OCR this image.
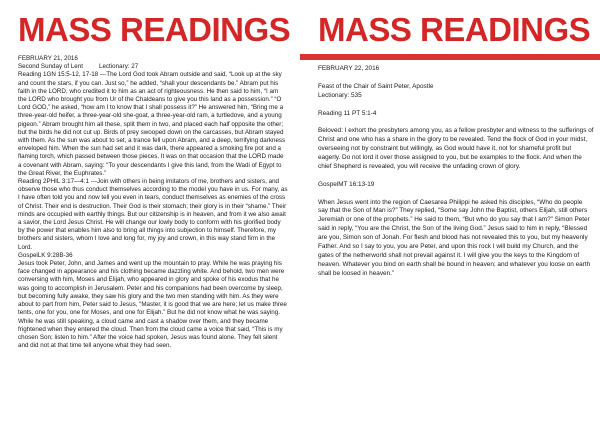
MASS READINGS

FEBRUARY 21, 2016

Second Sunday of Lent	Lectionary: 27

Reading 1GN 15:5-12, 17-18 ---The Lord God took Abram outside and said, “Look up at the sky and count the stars, if you can. Just so,” he added, “shall your descendants be.” Abram put his faith in the LORD, who credited it to him as an act of righteousness. He then said to him, “I am the LORD who brought you from Ur of the Chaldeans to give you this land as a possession.” “O Lord GOD,” he asked, “how am I to know that I shall possess it?” He answered him, “Bring me a three-year-old heifer, a three-year-old she-goat, a three-year-old ram, a turtledove, and a young pigeon.” Abram brought him all these, split them in two, and placed each half opposite the other; but the birds he did not cut up. Birds of prey swooped down on the carcasses, but Abram stayed with them. As the sun was about to set, a trance fell upon Abram, and a deep, terrifying darkness enveloped him. When the sun had set and it was dark, there appeared a smoking fire pot and a flaming torch, which passed between those pieces. It was on that occasion that the LORD made a covenant with Abram, saying: “To your descendants I give this land, from the Wadi of Egypt to the Great River, the Euphrates.”

Reading 2PHIL 3:17—4:1 ---Join with others in being imitators of me, brothers and sisters, and observe those who thus conduct themselves according to the model you have in us. For many, as I have often told you and now tell you even in tears, conduct themselves as enemies of the cross of Christ. Their end is destruction. Their God is their stomach; their glory is in their “shame.” Their minds are occupied with earthly things. But our citizenship is in heaven, and from it we also await a savior, the Lord Jesus Christ. He will change our lowly body to conform with his glorified body by the power that enables him also to bring all things into subjection to himself. Therefore, my brothers and sisters, whom I love and long for, my joy and crown, in this way stand firm in the Lord.

GospelLK 9:28B-36

Jesus took Peter, John, and James and went up the mountain to pray. While he was praying his face changed in appearance and his clothing became dazzling white. And behold, two men were conversing with him, Moses and Elijah, who appeared in glory and spoke of his exodus that he was going to accomplish in Jerusalem. Peter and his companions had been overcome by sleep, but becoming fully awake, they saw his glory and the two men standing with him. As they were about to part from him, Peter said to Jesus, “Master, it is good that we are here; let us make three tents, one for you, one for Moses, and one for Elijah.” But he did not know what he was saying. While he was still speaking, a cloud came and cast a shadow over them, and they became frightened when they entered the cloud. Then from the cloud came a voice that said, “This is my chosen Son; listen to him.” After the voice had spoken, Jesus was found alone. They fell silent and did not at that time tell anyone what they had seen.

MASS READINGS

FEBRUARY 22, 2016

Feast of the Chair of Saint Peter, Apostle

Lectionary: 535

Reading 11 PT 5:1-4

Beloved: I exhort the presbyters among you, as a fellow presbyter and witness to the sufferings of Christ and one who has a share in the glory to be revealed. Tend the flock of God in your midst, overseeing not by constraint but willingly, as God would have it, not for shameful profit but eagerly. Do not lord it over those assigned to you, but be examples to the flock. And when the chief Shepherd is revealed, you will receive the unfading crown of glory.

GospelMT 16:13-19

When Jesus went into the region of Caesarea Philippi he asked his disciples, “Who do people say that the Son of Man is?” They replied, “Some say John the Baptist, others Elijah, still others Jeremiah or one of the prophets.” He said to them, “But who do you say that I am?” Simon Peter said in reply, “You are the Christ, the Son of the living God.” Jesus said to him in reply, “Blessed are you, Simon son of Jonah. For flesh and blood has not revealed this to you, but my heavenly Father. And so I say to you, you are Peter, and upon this rock I will build my Church, and the gates of the netherworld shall not prevail against it. I will give you the keys to the Kingdom of heaven. Whatever you bind on earth shall be bound in heaven; and whatever you loose on earth shall be loosed in heaven.”
